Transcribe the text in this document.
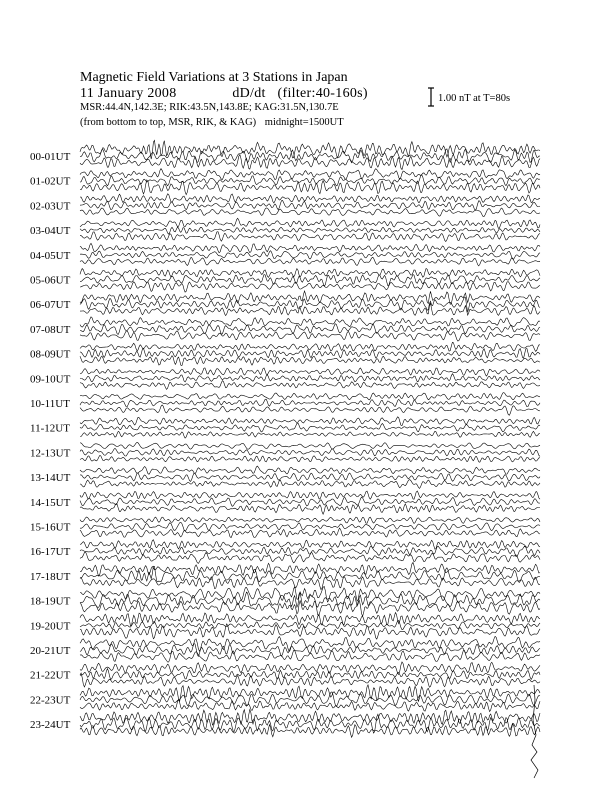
Magnetic Field Variations at 3 Stations in Japan
11 January 2008	dD/dt (filter:40-160s)
MSR:44.4N,142.3E; RIK:43.5N,143.8E; KAG:31.5N,130.7E
(from bottom to top, MSR, RIK, & KAG) midnight=1500UT
1.00 nT at T=80s
00-01UT
01-02UT
02-03UT
03-04UT
04-05UT
05-06UT
06-07UT
07-08UT
08-09UT
09-10UT
10-11UT
11-12UT
12-13UT
13-14UT
14-15UT
15-16UT
16-17UT
17-18UT
18-19UT
19-20UT
20-21UT
21-22UT
22-23UT
23-24UT
